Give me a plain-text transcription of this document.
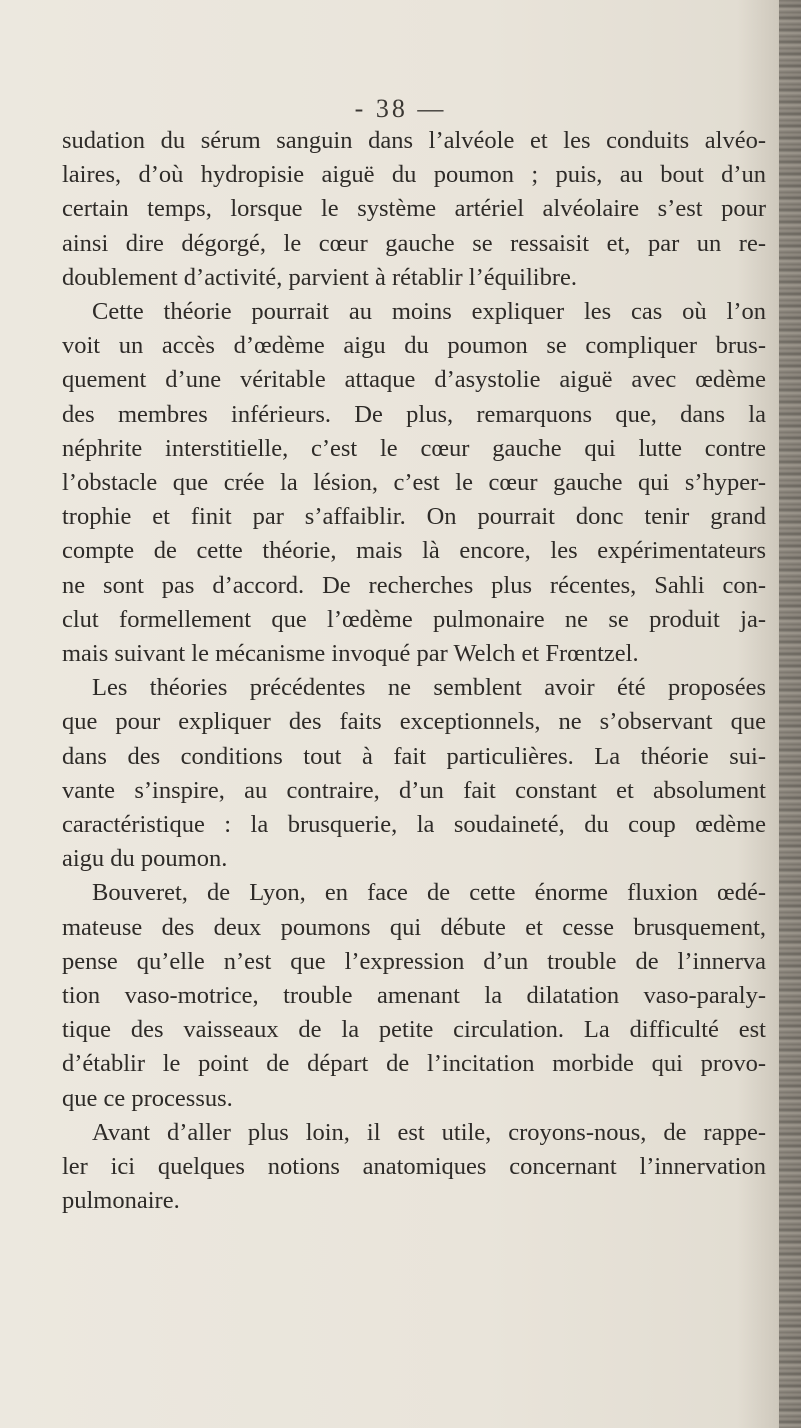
- 38 —
sudation du sérum sanguin dans l’alvéole et les conduits alvéo-
laires, d’où hydropisie aiguë du poumon ; puis, au bout d’un
certain temps, lorsque le système artériel alvéolaire s’est pour
ainsi dire dégorgé, le cœur gauche se ressaisit et, par un re-
doublement d’activité, parvient à rétablir l’équilibre.
Cette théorie pourrait au moins expliquer les cas où l’on
voit un accès d’œdème aigu du poumon se compliquer brus-
quement d’une véritable attaque d’asystolie aiguë avec œdème
des membres inférieurs. De plus, remarquons que, dans la
néphrite interstitielle, c’est le cœur gauche qui lutte contre
l’obstacle que crée la lésion, c’est le cœur gauche qui s’hyper-
trophie et finit par s’affaiblir. On pourrait donc tenir grand
compte de cette théorie, mais là encore, les expérimentateurs
ne sont pas d’accord. De recherches plus récentes, Sahli con-
clut formellement que l’œdème pulmonaire ne se produit ja-
mais suivant le mécanisme invoqué par Welch et Frœntzel.
Les théories précédentes ne semblent avoir été proposées
que pour expliquer des faits exceptionnels, ne s’observant que
dans des conditions tout à fait particulières. La théorie sui-
vante s’inspire, au contraire, d’un fait constant et absolument
caractéristique : la brusquerie, la soudaineté, du coup œdème
aigu du poumon.
Bouveret, de Lyon, en face de cette énorme fluxion œdé-
mateuse des deux poumons qui débute et cesse brusquement,
pense qu’elle n’est que l’expression d’un trouble de l’innerva
tion vaso-motrice, trouble amenant la dilatation vaso-paraly-
tique des vaisseaux de la petite circulation. La difficulté est
d’établir le point de départ de l’incitation morbide qui provo-
que ce processus.
Avant d’aller plus loin, il est utile, croyons-nous, de rappe-
ler ici quelques notions anatomiques concernant l’innervation
pulmonaire.
